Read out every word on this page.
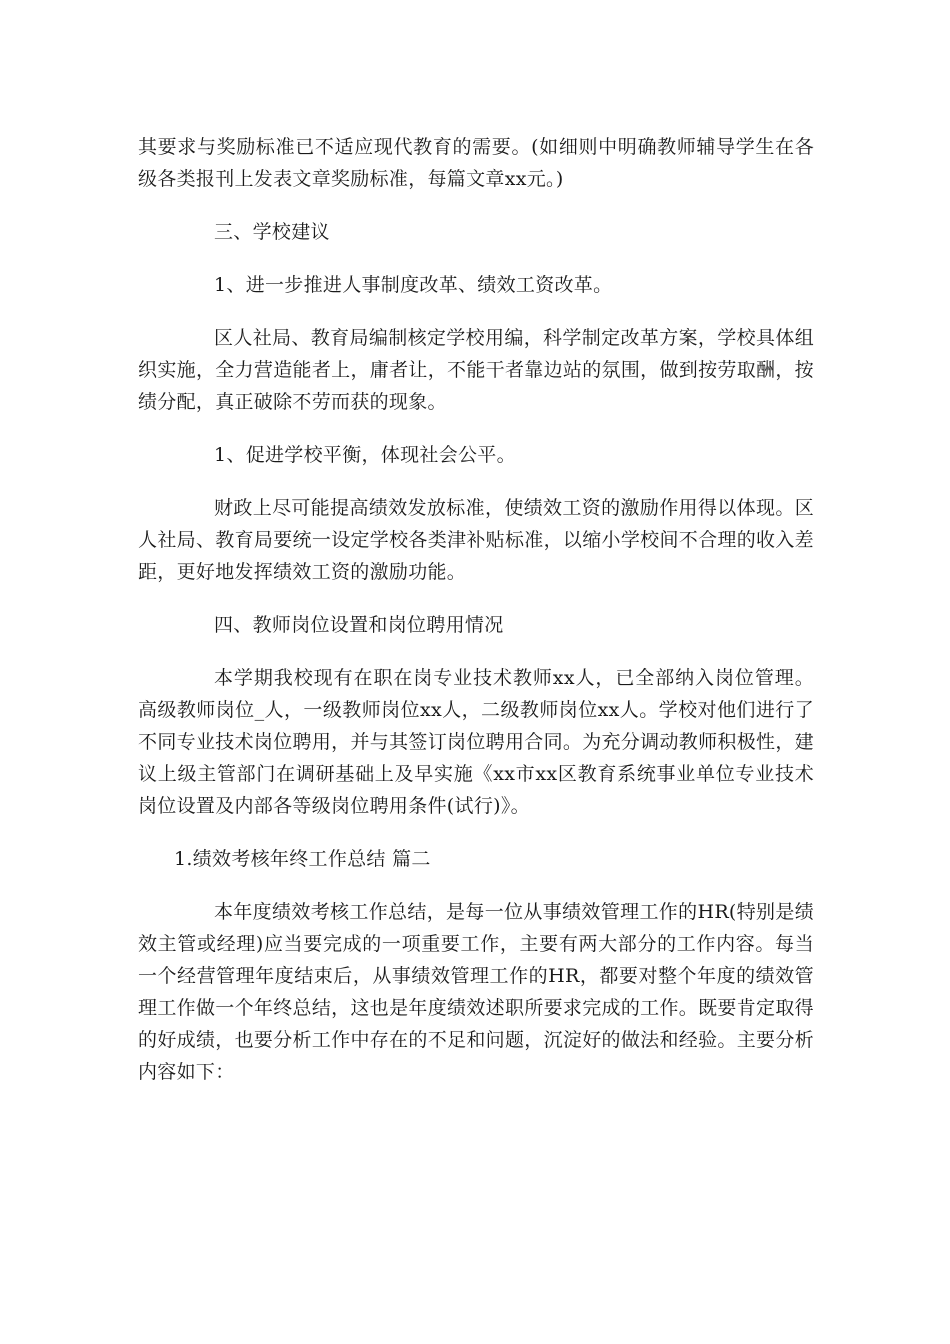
其要求与奖励标准已不适应现代教育的需要。(如细则中明确教师辅导学生在各级各类报刊上发表文章奖励标准，每篇文章xx元。)

三、学校建议

1、进一步推进人事制度改革、绩效工资改革。

区人社局、教育局编制核定学校用编，科学制定改革方案，学校具体组织实施，全力营造能者上，庸者让，不能干者靠边站的氛围，做到按劳取酬，按绩分配，真正破除不劳而获的现象。

1、促进学校平衡，体现社会公平。

财政上尽可能提高绩效发放标准，使绩效工资的激励作用得以体现。区人社局、教育局要统一设定学校各类津补贴标准，以缩小学校间不合理的收入差距，更好地发挥绩效工资的激励功能。

四、教师岗位设置和岗位聘用情况

本学期我校现有在职在岗专业技术教师xx人，已全部纳入岗位管理。高级教师岗位_人，一级教师岗位xx人，二级教师岗位xx人。学校对他们进行了不同专业技术岗位聘用，并与其签订岗位聘用合同。为充分调动教师积极性，建议上级主管部门在调研基础上及早实施《xx市xx区教育系统事业单位专业技术岗位设置及内部各等级岗位聘用条件(试行)》。

1.绩效考核年终工作总结 篇二

本年度绩效考核工作总结，是每一位从事绩效管理工作的HR(特别是绩效主管或经理)应当要完成的一项重要工作，主要有两大部分的工作内容。每当一个经营管理年度结束后，从事绩效管理工作的HR，都要对整个年度的绩效管理工作做一个年终总结，这也是年度绩效述职所要求完成的工作。既要肯定取得的好成绩，也要分析工作中存在的不足和问题，沉淀好的做法和经验。主要分析内容如下：
